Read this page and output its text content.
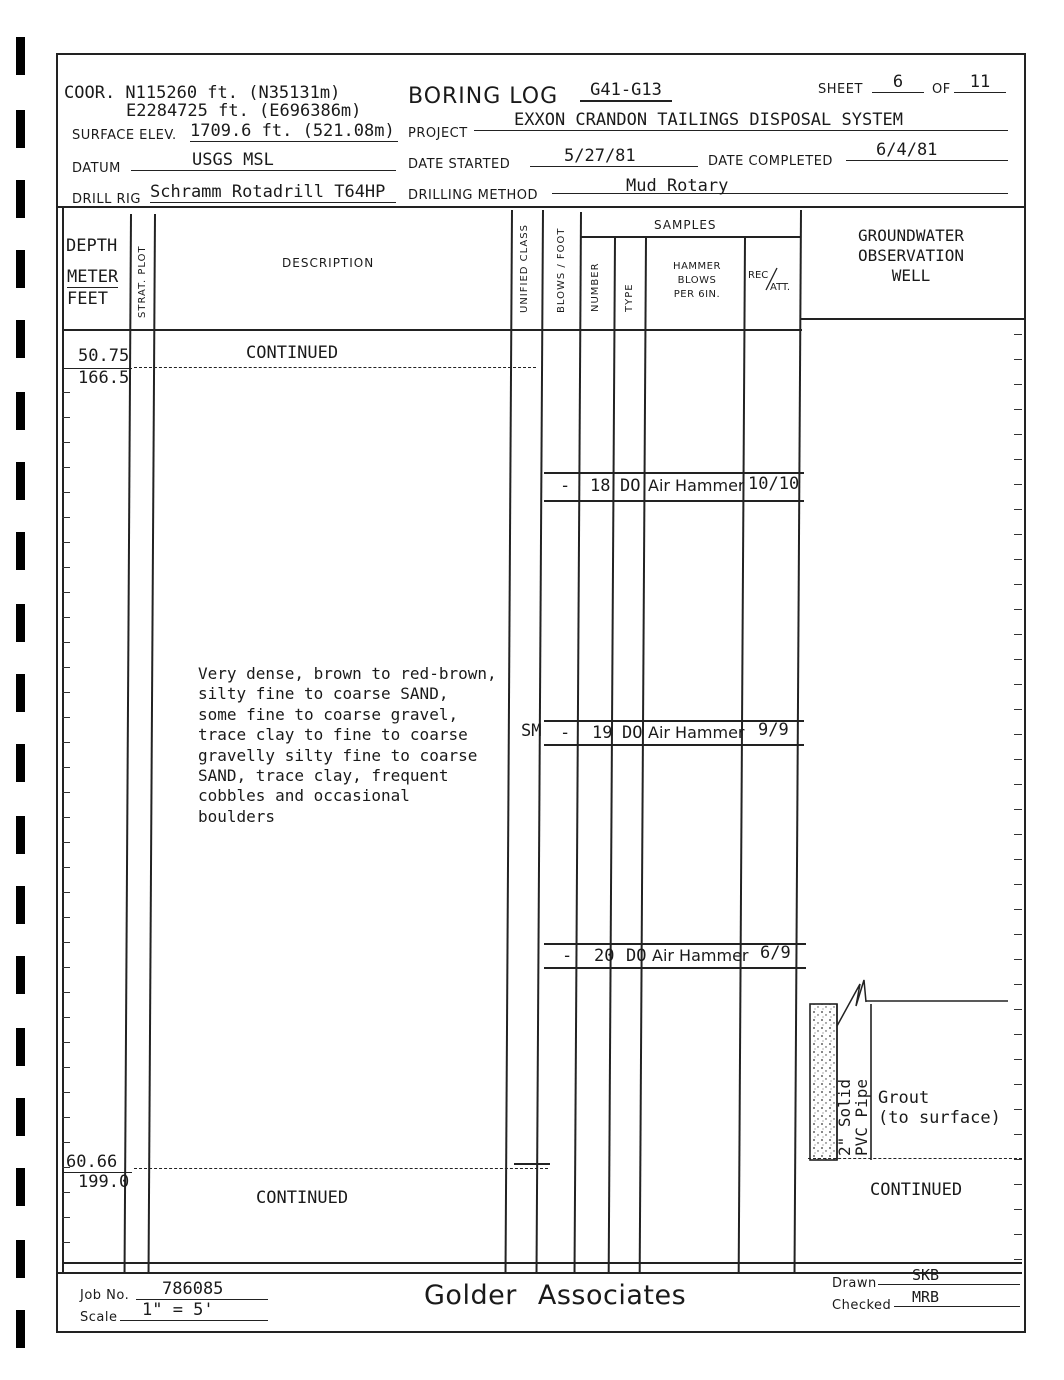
COOR. N115260 ft. (N35131m)
E2284725 ft. (E696386m)
SURFACE ELEV. 1709.6 ft. (521.08m)
DATUM	USGS MSL
DRILL RIG Schramm Rotadrill T64HP
BORING LOG	G41-G13	SHEET	6	OF	11
PROJECT
EXXON CRANDON TAILINGS DISPOSAL SYSTEM
DATE STARTED	5/27/81	DATE COMPLETED
6/4/81
DRILLING METHOD	Mud Rotary
DEPTH
METER
FEET	STRAT. PLOT	DESCRIPTION	UNIFIED CLASS	BLOWS / FOOT
SAMPLES
NUMBER TYPE
HAMMER
BLOWS
PER 6IN.
REC
ATT.
GROUNDWATER
OBSERVATION
WELL
50.75
166.5
CONTINUED
Very dense, brown to red-brown,
silty fine to coarse SAND,
some fine to coarse gravel,
trace clay to fine to coarse
gravelly silty fine to coarse
SAND, trace clay, frequent
cobbles and occasional
boulders
SM
60.66
199.0
CONTINUED
- 18 DO Air Hammer 10/10
- 19 DO Air Hammer 9/9
- 20 DO Air Hammer 6/9
2" Solid
PVC Pipe Grout
(to surface)
CONTINUED
Job No.	786085
Scale	1" = 5'	Golder Associates	Drawn	SKB
Checked	MRB
